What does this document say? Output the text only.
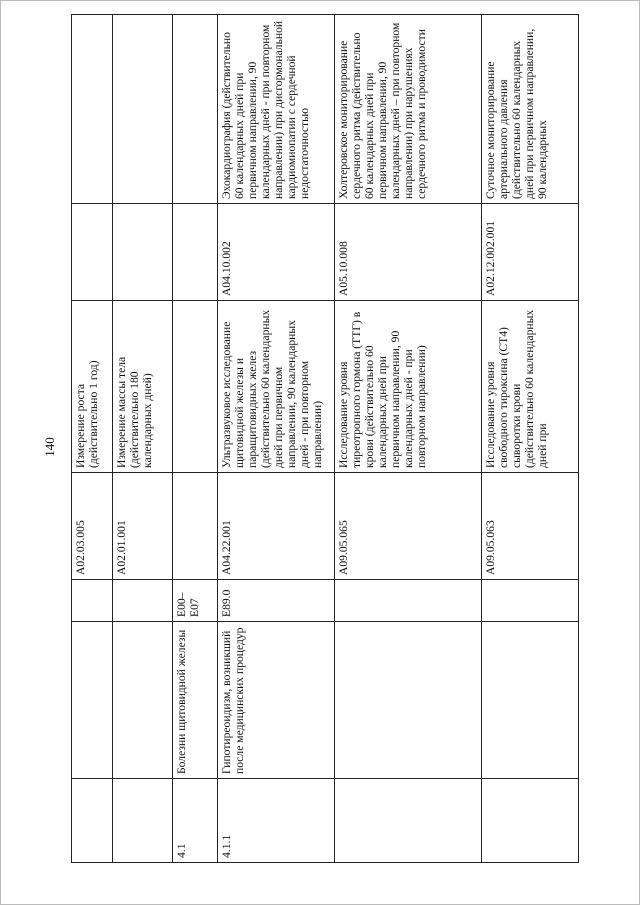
140
			A02.03.005	Измерение роста (действительно 1 год)		
			A02.01.001	Измерение массы тела (действительно 180 календарных дней)		
4.1	Болезни щитовидной железы	E00–E07				
4.1.1	Гипотиреоидизм, возникший после медицинских процедур	E89.0	A04.22.001	Ультразвуковое исследование щитовидной железы и паращитовидных желез (действительно 60 календарных дней при первичном направлении, 90 календарных дней - при повторном направлении)	A04.10.002	Эхокардиография (действительно 60 календарных дней при первичном направлении, 90 календарных дней - при повторном направлении) при дисгормональной кардиомиопатии с сердечной недостаточностью
			A09.05.065	Исследование уровня тиреотропного гормона (ТТГ) в крови (действительно 60 календарных дней при первичном направлении, 90 календарных дней - при повторном направлении)	A05.10.008	Холтеровское мониторирование сердечного ритма (действительно 60 календарных дней при первичном направлении, 90 календарных дней – при повторном направлении) при нарушениях сердечного ритма и проводимости
			A09.05.063	Исследование уровня свободного тироксина (СТ4) сыворотки крови (действительно 60 календарных дней при	A02.12.002.001	Суточное мониторирование артериального давления (действительно 60 календарных дней при первичном направлении, 90 календарных
